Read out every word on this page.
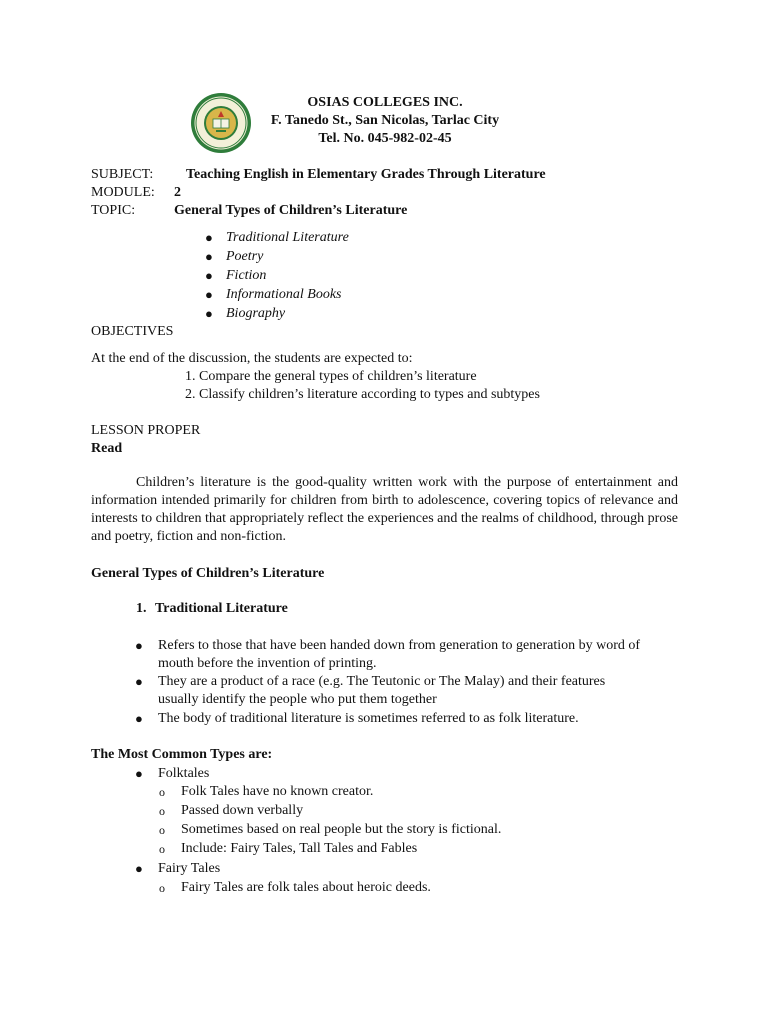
OSIAS COLLEGES INC.
F. Tanedo St., San Nicolas, Tarlac City
Tel. No. 045-982-02-45
SUBJECT: Teaching English in Elementary Grades Through Literature
MODULE: 2
TOPIC:	General Types of Children’s Literature
● Traditional Literature
● Poetry
● Fiction
● Informational Books
● Biography
OBJECTIVES
At the end of the discussion, the students are expected to:
1. Compare the general types of children’s literature
2. Classify children’s literature according to types and subtypes
LESSON PROPER
Read
Children’s literature is the good-quality written work with the purpose of entertainment and information intended primarily for children from birth to adolescence, covering topics of relevance and interests to children that appropriately reflect the experiences and the realms of childhood, through prose and poetry, fiction and non-fiction.
General Types of Children’s Literature
1. Traditional Literature
● Refers to those that have been handed down from generation to generation by word of
mouth before the invention of printing.
● They are a product of a race (e.g. The Teutonic or The Malay) and their features
usually identify the people who put them together
● The body of traditional literature is sometimes referred to as folk literature.
The Most Common Types are:
● Folktales
o Folk Tales have no known creator.
o Passed down verbally
o Sometimes based on real people but the story is fictional.
o Include: Fairy Tales, Tall Tales and Fables
● Fairy Tales
o Fairy Tales are folk tales about heroic deeds.
